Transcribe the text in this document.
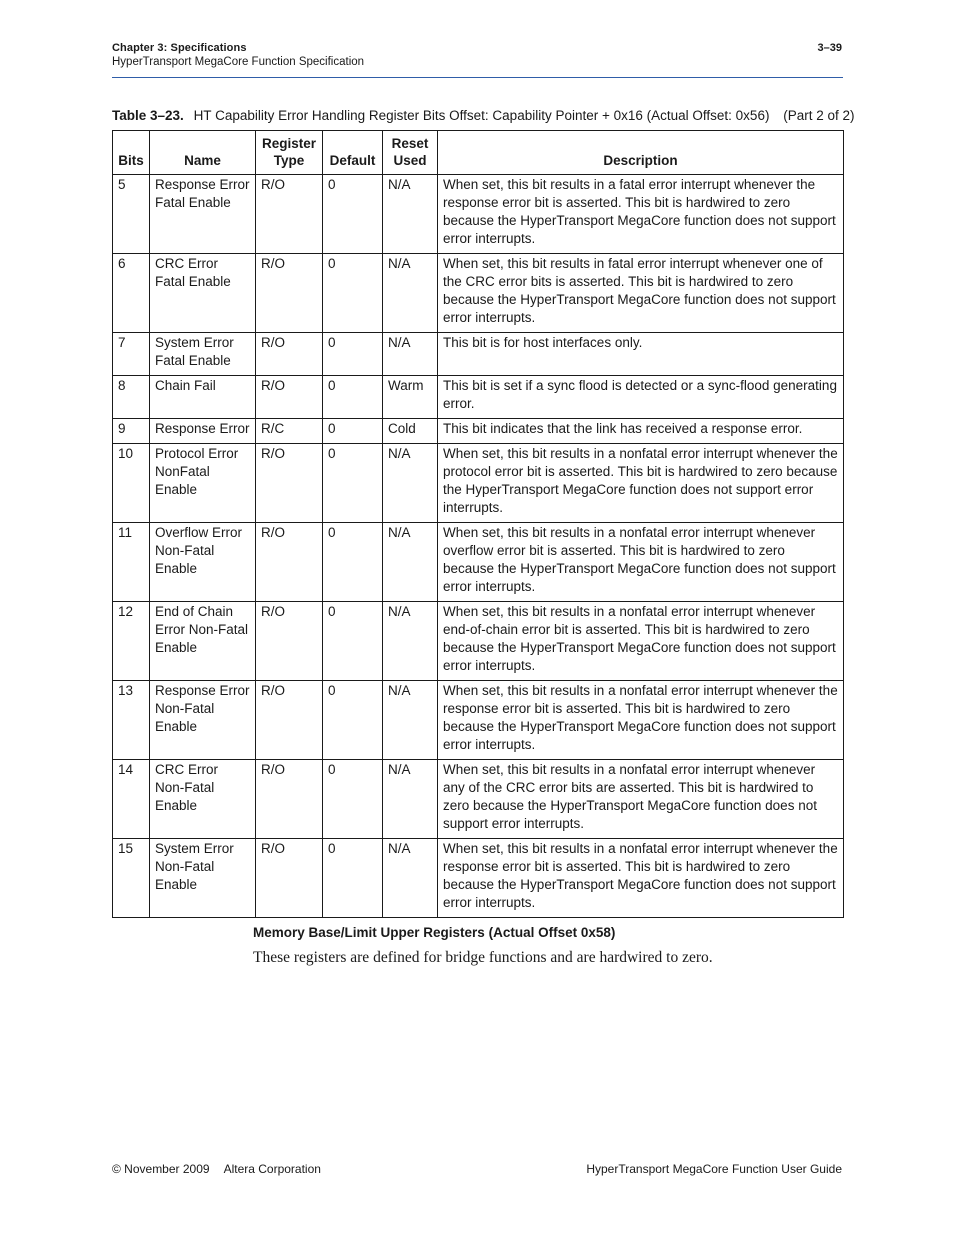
Chapter 3: Specifications
HyperTransport MegaCore Function Specification
3–39
Table 3–23. HT Capability Error Handling Register Bits Offset: Capability Pointer + 0x16 (Actual Offset: 0x56) (Part 2 of 2)
Bits	Name	Register Type	Default	Reset Used	Description
5	Response Error Fatal Enable	R/O	0	N/A	When set, this bit results in a fatal error interrupt whenever the response error bit is asserted. This bit is hardwired to zero because the HyperTransport MegaCore function does not support error interrupts.
6	CRC Error Fatal Enable	R/O	0	N/A	When set, this bit results in fatal error interrupt whenever one of the CRC error bits is asserted. This bit is hardwired to zero because the HyperTransport MegaCore function does not support error interrupts.
7	System Error Fatal Enable	R/O	0	N/A	This bit is for host interfaces only.
8	Chain Fail	R/O	0	Warm	This bit is set if a sync flood is detected or a sync-flood generating error.
9	Response Error	R/C	0	Cold	This bit indicates that the link has received a response error.
10	Protocol Error NonFatal Enable	R/O	0	N/A	When set, this bit results in a nonfatal error interrupt whenever the protocol error bit is asserted. This bit is hardwired to zero because the HyperTransport MegaCore function does not support error interrupts.
11	Overflow Error Non-Fatal Enable	R/O	0	N/A	When set, this bit results in a nonfatal error interrupt whenever overflow error bit is asserted. This bit is hardwired to zero because the HyperTransport MegaCore function does not support error interrupts.
12	End of Chain Error Non-Fatal Enable	R/O	0	N/A	When set, this bit results in a nonfatal error interrupt whenever end-of-chain error bit is asserted. This bit is hardwired to zero because the HyperTransport MegaCore function does not support error interrupts.
13	Response Error Non-Fatal Enable	R/O	0	N/A	When set, this bit results in a nonfatal error interrupt whenever the response error bit is asserted. This bit is hardwired to zero because the HyperTransport MegaCore function does not support error interrupts.
14	CRC Error Non-Fatal Enable	R/O	0	N/A	When set, this bit results in a nonfatal error interrupt whenever any of the CRC error bits are asserted. This bit is hardwired to zero because the HyperTransport MegaCore function does not support error interrupts.
15	System Error Non-Fatal Enable	R/O	0	N/A	When set, this bit results in a nonfatal error interrupt whenever the response error bit is asserted. This bit is hardwired to zero because the HyperTransport MegaCore function does not support error interrupts.
Memory Base/Limit Upper Registers (Actual Offset 0x58)
These registers are defined for bridge functions and are hardwired to zero.
© November 2009 Altera Corporation	HyperTransport MegaCore Function User Guide
